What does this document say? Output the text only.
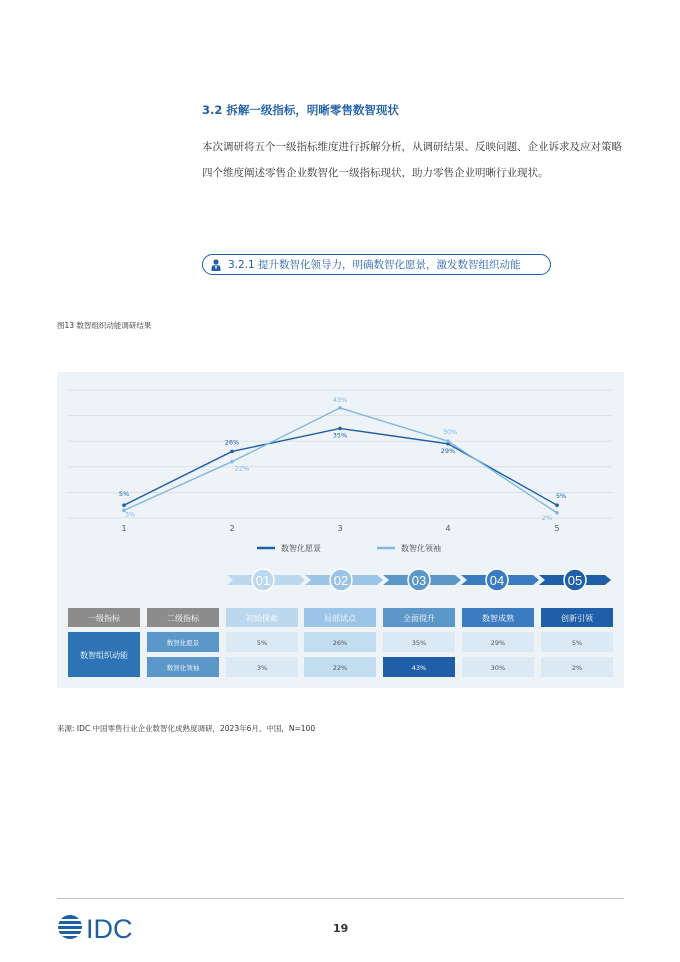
3.2 拆解一级指标，明晰零售数智现状
本次调研将五个一级指标维度进行拆解分析，从调研结果、反映问题、企业诉求及应对策略四个维度阐述零售企业数智化一级指标现状，助力零售企业明晰行业现状。
3.2.1 提升数智化领导力，明确数智化愿景，激发数智组织动能
图13 数智组织动能调研结果
1	2	3	4	5
5%
26%
35%
29%
5%
3%
22%
43%
30%
2%
数智化愿景	数智化领袖
01	02	03	04	05
一级指标	二级指标	初始探索	局部试点	全面提升	数智成熟	创新引领
数智组织动能
数智化愿景	5%	26%	35%	29%	5%
数智化领袖	3%	22%	43%	30%	2%
来源: IDC 中国零售行业企业数智化成熟度调研，2023年6月，中国，N=100
IDC	19
